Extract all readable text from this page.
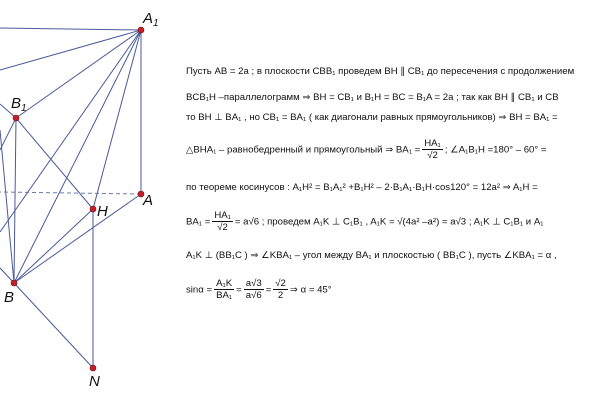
$A_1$
$B_1$
A
H
B
N
Пусть AB = 2a ; в плоскости CBB₁ проведем BH ∥ CB₁ до пересечения с продолжением
BCB₁H –параллелограмм ⇒ BH = CB₁ и B₁H = BC = B₁A = 2a ; так как BH ∥ CB₁ и CB
то BH ⊥ BA₁ , но CB₁ = BA₁ ( как диагонали равных прямоугольников) ⇒ BH = BA₁ =
△BHA₁ – равнобедренный и прямоугольный ⇒ $BA_1 = \frac{\text{HA₁}}{√2}$ ; ∠A₁B₁H =180° – 60° =
по теореме косинусов : A₁H² = B₁A₁² +B₁H² – 2·B₁A₁·B₁H·cos120° = 12a² ⇒ A₁H =
$BA_1 = \frac{\text{HA₁}}{√2} = a√6$ ; проведем A₁K ⊥ C₁B₁ , A₁K = √(4a² –a²) = a√3 ; A₁K ⊥ C₁B₁ и A₁
A₁K ⊥ (BB₁C ) ⇒ ∠KBA₁ – угол между BA₁ и плоскостью ( BB₁C ), пусть ∠KBA₁ = α ,
$\sin\alpha = \frac{\text{A₁K}}{\text{BA₁}} = \frac{a√3}{a√6} = \frac{√2}{2}$ ⇒ α = 45°
